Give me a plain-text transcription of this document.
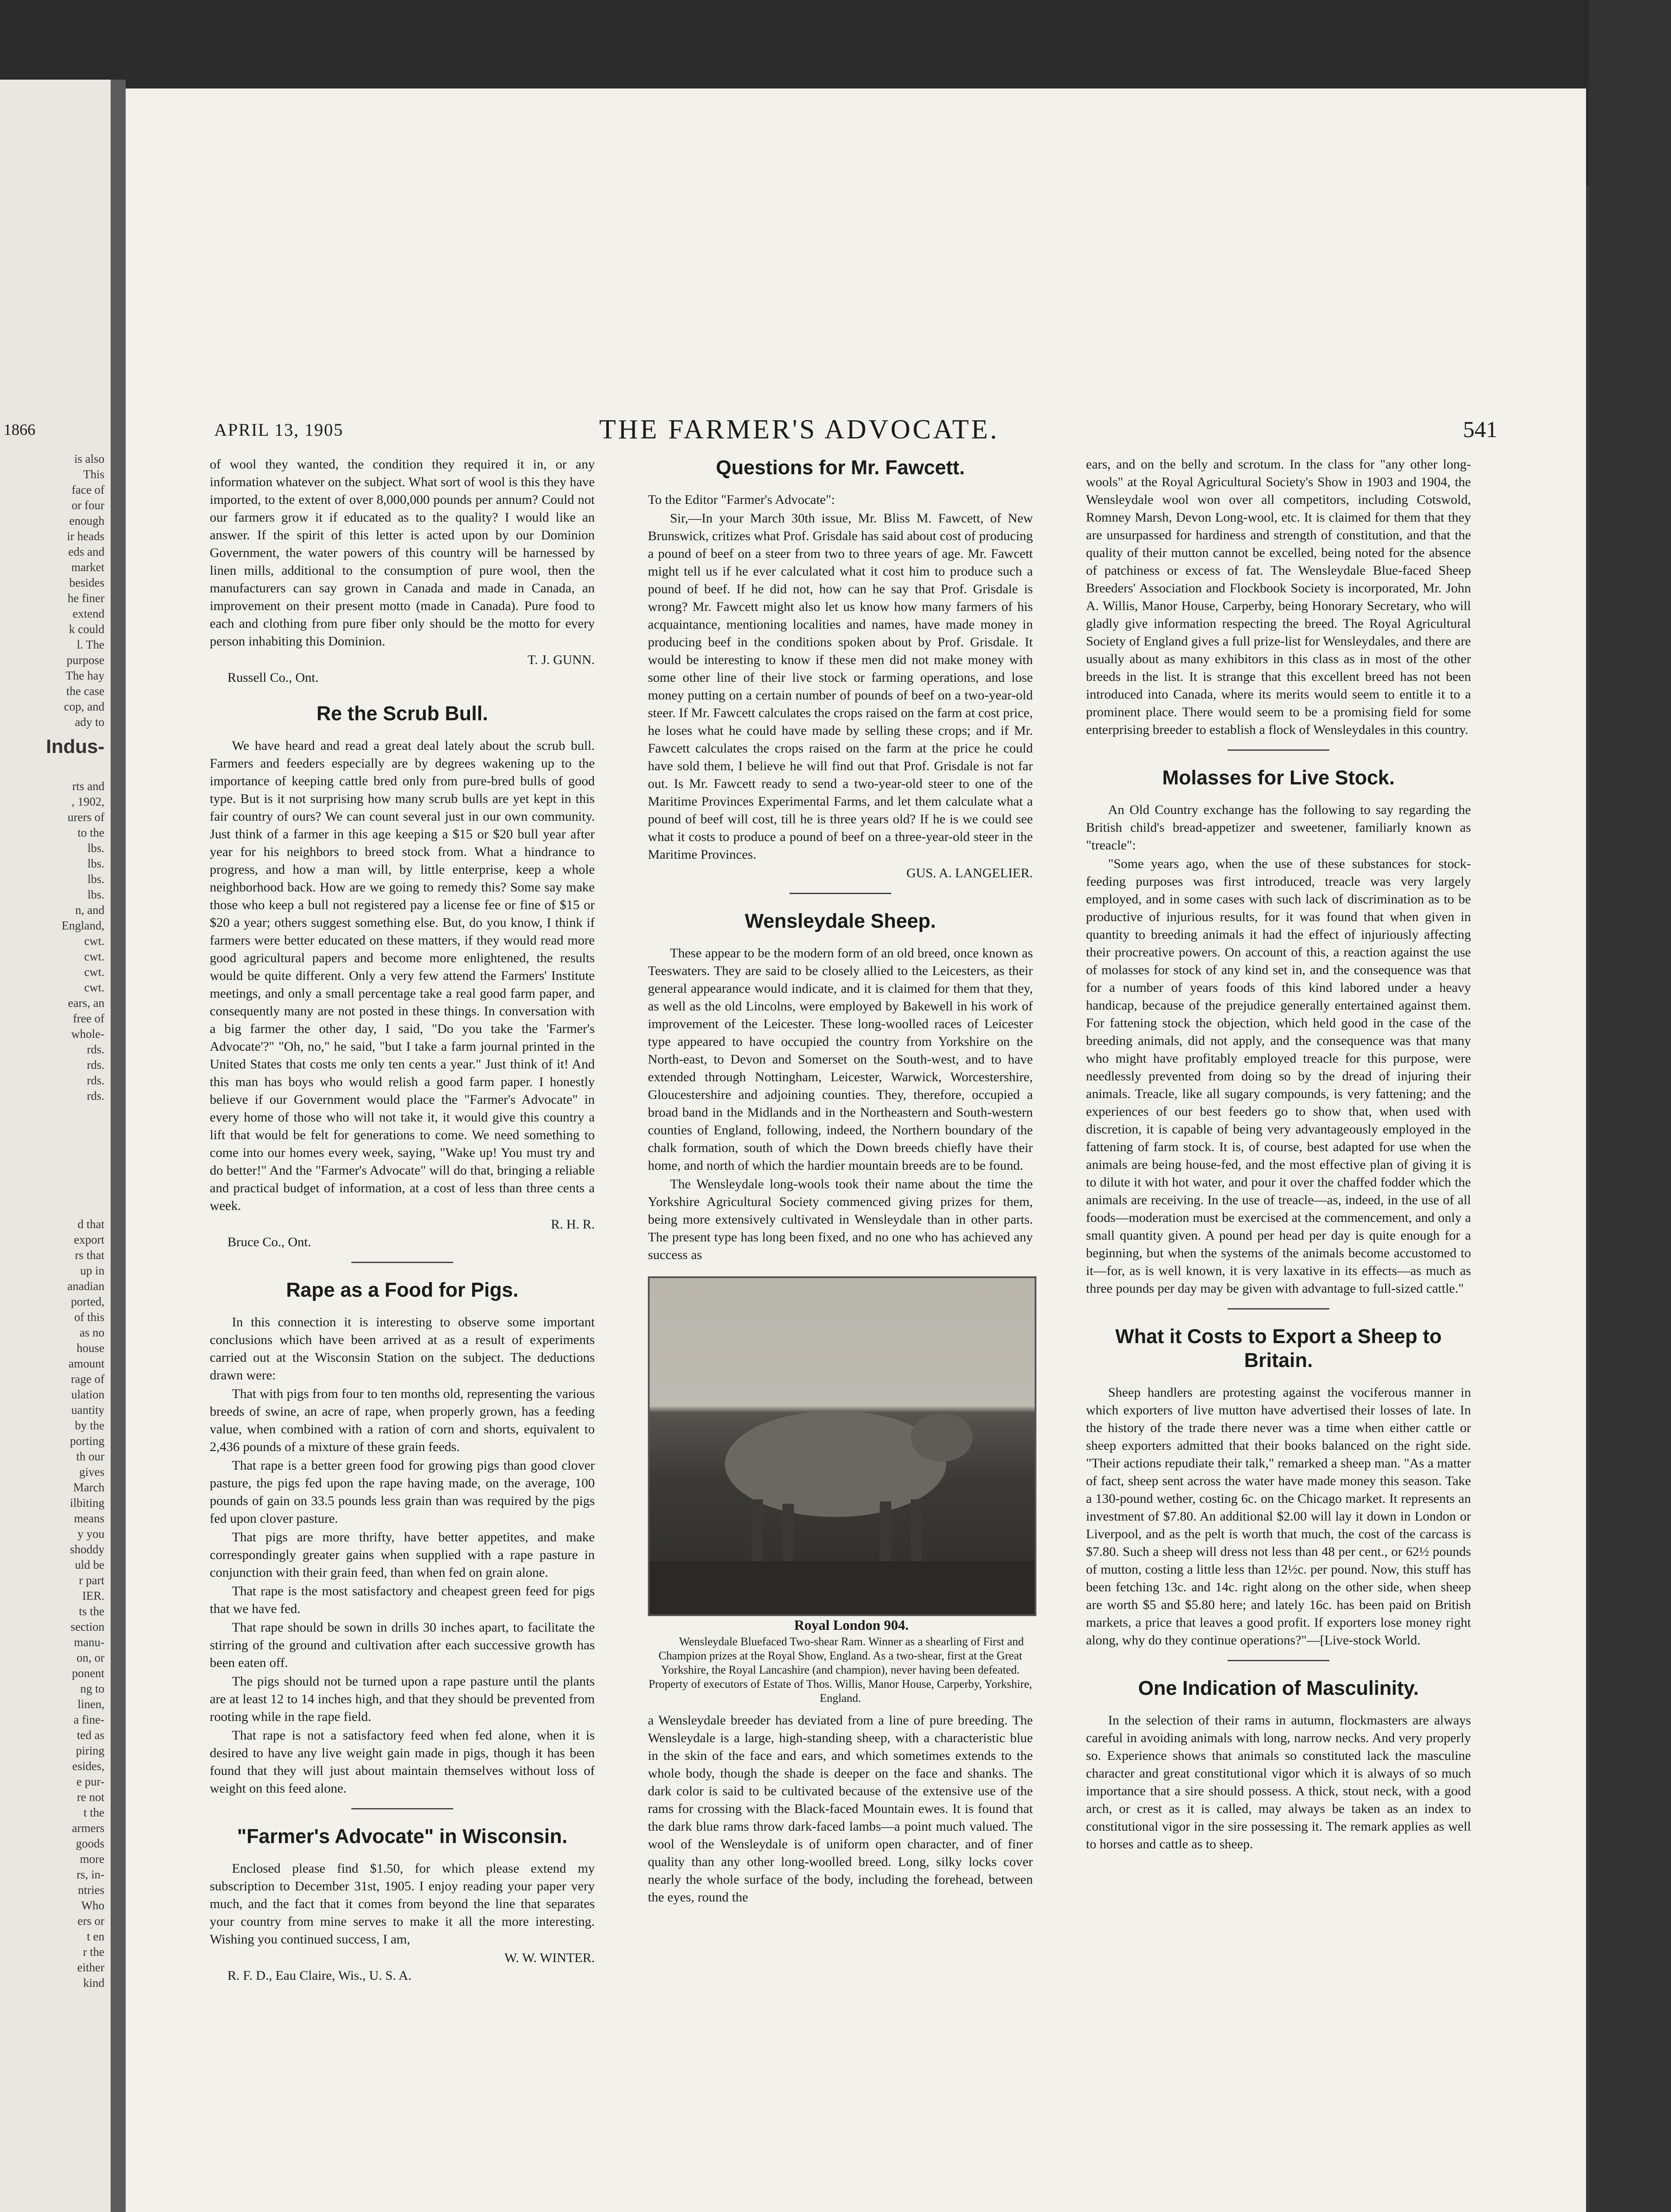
1866
is also
This
face of
or four
enough
ir heads
eds and
market
besides
he finer
extend
k could
l. The
purpose
The hay
the case
cop, and
ady to
Indus-
rts and
, 1902,
urers of
to the
lbs.
lbs.
lbs.
lbs.
n, and
England,
cwt.
cwt.
cwt.
cwt.
ears, an
free of
whole-
rds.
rds.
rds.
rds.
d that
export
rs that
up in
anadian
ported,
of this
as no
house
amount
rage of
ulation
uantity
by the
porting
th our
gives
March
ilbiting
means
y you
shoddy
uld be
r part
IER.
ts the
section
manu-
on, or
ponent
ng to
linen,
a fine-
ted as
piring
esides,
e pur-
re not
t the
armers
goods
more
rs, in-
ntries
Who
ers or
t en
r the
either
kind
APRIL 13, 1905	THE FARMER'S ADVOCATE.	541

of wool they wanted, the condition they required it in, or any information whatever on the subject. What sort of wool is this they have imported, to the extent of over 8,000,000 pounds per annum? Could not our farmers grow it if educated as to the quality? I would like an answer. If the spirit of this letter is acted upon by our Dominion Government, the water powers of this country will be harnessed by linen mills, additional to the consumption of pure wool, then the manufacturers can say grown in Canada and made in Canada, an improvement on their present motto (made in Canada). Pure food to each and clothing from pure fiber only should be the motto for every person inhabiting this Dominion.

T. J. GUNN.

Russell Co., Ont.

Re the Scrub Bull.

We have heard and read a great deal lately about the scrub bull. Farmers and feeders especially are by degrees wakening up to the importance of keeping cattle bred only from pure-bred bulls of good type. But is it not surprising how many scrub bulls are yet kept in this fair country of ours? We can count several just in our own community. Just think of a farmer in this age keeping a $15 or $20 bull year after year for his neighbors to breed stock from. What a hindrance to progress, and how a man will, by little enterprise, keep a whole neighborhood back. How are we going to remedy this? Some say make those who keep a bull not registered pay a license fee or fine of $15 or $20 a year; others suggest something else. But, do you know, I think if farmers were better educated on these matters, if they would read more good agricultural papers and become more enlightened, the results would be quite different. Only a very few attend the Farmers' Institute meetings, and only a small percentage take a real good farm paper, and consequently many are not posted in these things. In conversation with a big farmer the other day, I said, "Do you take the 'Farmer's Advocate'?" "Oh, no," he said, "but I take a farm journal printed in the United States that costs me only ten cents a year." Just think of it! And this man has boys who would relish a good farm paper. I honestly believe if our Government would place the "Farmer's Advocate" in every home of those who will not take it, it would give this country a lift that would be felt for generations to come. We need something to come into our homes every week, saying, "Wake up! You must try and do better!" And the "Farmer's Advocate" will do that, bringing a reliable and practical budget of information, at a cost of less than three cents a week.

R. H. R.

Bruce Co., Ont.

Rape as a Food for Pigs.

In this connection it is interesting to observe some important conclusions which have been arrived at as a result of experiments carried out at the Wisconsin Station on the subject. The deductions drawn were:

That with pigs from four to ten months old, representing the various breeds of swine, an acre of rape, when properly grown, has a feeding value, when combined with a ration of corn and shorts, equivalent to 2,436 pounds of a mixture of these grain feeds.

That rape is a better green food for growing pigs than good clover pasture, the pigs fed upon the rape having made, on the average, 100 pounds of gain on 33.5 pounds less grain than was required by the pigs fed upon clover pasture.

That pigs are more thrifty, have better appetites, and make correspondingly greater gains when supplied with a rape pasture in conjunction with their grain feed, than when fed on grain alone.

That rape is the most satisfactory and cheapest green feed for pigs that we have fed.

That rape should be sown in drills 30 inches apart, to facilitate the stirring of the ground and cultivation after each successive growth has been eaten off.

The pigs should not be turned upon a rape pasture until the plants are at least 12 to 14 inches high, and that they should be prevented from rooting while in the rape field.

That rape is not a satisfactory feed when fed alone, when it is desired to have any live weight gain made in pigs, though it has been found that they will just about maintain themselves without loss of weight on this feed alone.

"Farmer's Advocate" in Wisconsin.

Enclosed please find $1.50, for which please extend my subscription to December 31st, 1905. I enjoy reading your paper very much, and the fact that it comes from beyond the line that separates your country from mine serves to make it all the more interesting. Wishing you continued success, I am,

W. W. WINTER.

R. F. D., Eau Claire, Wis., U. S. A.

Questions for Mr. Fawcett.

To the Editor "Farmer's Advocate":

Sir,—In your March 30th issue, Mr. Bliss M. Fawcett, of New Brunswick, critizes what Prof. Grisdale has said about cost of producing a pound of beef on a steer from two to three years of age. Mr. Fawcett might tell us if he ever calculated what it cost him to produce such a pound of beef. If he did not, how can he say that Prof. Grisdale is wrong? Mr. Fawcett might also let us know how many farmers of his acquaintance, mentioning localities and names, have made money in producing beef in the conditions spoken about by Prof. Grisdale. It would be interesting to know if these men did not make money with some other line of their live stock or farming operations, and lose money putting on a certain number of pounds of beef on a two-year-old steer. If Mr. Fawcett calculates the crops raised on the farm at cost price, he loses what he could have made by selling these crops; and if Mr. Fawcett calculates the crops raised on the farm at the price he could have sold them, I believe he will find out that Prof. Grisdale is not far out. Is Mr. Fawcett ready to send a two-year-old steer to one of the Maritime Provinces Experimental Farms, and let them calculate what a pound of beef will cost, till he is three years old? If he is we could see what it costs to produce a pound of beef on a three-year-old steer in the Maritime Provinces.

GUS. A. LANGELIER.

Wensleydale Sheep.

These appear to be the modern form of an old breed, once known as Teeswaters. They are said to be closely allied to the Leicesters, as their general appearance would indicate, and it is claimed for them that they, as well as the old Lincolns, were employed by Bakewell in his work of improvement of the Leicester. These long-woolled races of Leicester type appeared to have occupied the country from Yorkshire on the North-east, to Devon and Somerset on the South-west, and to have extended through Nottingham, Leicester, Warwick, Worcestershire, Gloucestershire and adjoining counties. They, therefore, occupied a broad band in the Midlands and in the Northeastern and South-western counties of England, following, indeed, the Northern boundary of the chalk formation, south of which the Down breeds chiefly have their home, and north of which the hardier mountain breeds are to be found.

The Wensleydale long-wools took their name about the time the Yorkshire Agricultural Society commenced giving prizes for them, being more extensively cultivated in Wensleydale than in other parts. The present type has long been fixed, and no one who has achieved any success as

Royal London 904.

Wensleydale Bluefaced Two-shear Ram. Winner as a shearling of First and Champion prizes at the Royal Show, England. As a two-shear, first at the Great Yorkshire, the Royal Lancashire (and champion), never having been defeated. Property of executors of Estate of Thos. Willis, Manor House, Carperby, Yorkshire, England.

a Wensleydale breeder has deviated from a line of pure breeding. The Wensleydale is a large, high-standing sheep, with a characteristic blue in the skin of the face and ears, and which sometimes extends to the whole body, though the shade is deeper on the face and shanks. The dark color is said to be cultivated because of the extensive use of the rams for crossing with the Black-faced Mountain ewes. It is found that the dark blue rams throw dark-faced lambs—a point much valued. The wool of the Wensleydale is of uniform open character, and of finer quality than any other long-woolled breed. Long, silky locks cover nearly the whole surface of the body, including the forehead, between the eyes, round the

ears, and on the belly and scrotum. In the class for "any other long-wools" at the Royal Agricultural Society's Show in 1903 and 1904, the Wensleydale wool won over all competitors, including Cotswold, Romney Marsh, Devon Long-wool, etc. It is claimed for them that they are unsurpassed for hardiness and strength of constitution, and that the quality of their mutton cannot be excelled, being noted for the absence of patchiness or excess of fat. The Wensleydale Blue-faced Sheep Breeders' Association and Flockbook Society is incorporated, Mr. John A. Willis, Manor House, Carperby, being Honorary Secretary, who will gladly give information respecting the breed. The Royal Agricultural Society of England gives a full prize-list for Wensleydales, and there are usually about as many exhibitors in this class as in most of the other breeds in the list. It is strange that this excellent breed has not been introduced into Canada, where its merits would seem to entitle it to a prominent place. There would seem to be a promising field for some enterprising breeder to establish a flock of Wensleydales in this country.

Molasses for Live Stock.

An Old Country exchange has the following to say regarding the British child's bread-appetizer and sweetener, familiarly known as "treacle":

"Some years ago, when the use of these substances for stock-feeding purposes was first introduced, treacle was very largely employed, and in some cases with such lack of discrimination as to be productive of injurious results, for it was found that when given in quantity to breeding animals it had the effect of injuriously affecting their procreative powers. On account of this, a reaction against the use of molasses for stock of any kind set in, and the consequence was that for a number of years foods of this kind labored under a heavy handicap, because of the prejudice generally entertained against them. For fattening stock the objection, which held good in the case of the breeding animals, did not apply, and the consequence was that many who might have profitably employed treacle for this purpose, were needlessly prevented from doing so by the dread of injuring their animals. Treacle, like all sugary compounds, is very fattening; and the experiences of our best feeders go to show that, when used with discretion, it is capable of being very advantageously employed in the fattening of farm stock. It is, of course, best adapted for use when the animals are being house-fed, and the most effective plan of giving it is to dilute it with hot water, and pour it over the chaffed fodder which the animals are receiving. In the use of treacle—as, indeed, in the use of all foods—moderation must be exercised at the commencement, and only a small quantity given. A pound per head per day is quite enough for a beginning, but when the systems of the animals become accustomed to it—for, as is well known, it is very laxative in its effects—as much as three pounds per day may be given with advantage to full-sized cattle."

What it Costs to Export a Sheep to Britain.

Sheep handlers are protesting against the vociferous manner in which exporters of live mutton have advertised their losses of late. In the history of the trade there never was a time when either cattle or sheep exporters admitted that their books balanced on the right side. "Their actions repudiate their talk," remarked a sheep man. "As a matter of fact, sheep sent across the water have made money this season. Take a 130-pound wether, costing 6c. on the Chicago market. It represents an investment of $7.80. An additional $2.00 will lay it down in London or Liverpool, and as the pelt is worth that much, the cost of the carcass is $7.80. Such a sheep will dress not less than 48 per cent., or 62½ pounds of mutton, costing a little less than 12½c. per pound. Now, this stuff has been fetching 13c. and 14c. right along on the other side, when sheep are worth $5 and $5.80 here; and lately 16c. has been paid on British markets, a price that leaves a good profit. If exporters lose money right along, why do they continue operations?"—[Live-stock World.

One Indication of Masculinity.

In the selection of their rams in autumn, flockmasters are always careful in avoiding animals with long, narrow necks. And very properly so. Experience shows that animals so constituted lack the masculine character and great constitutional vigor which it is always of so much importance that a sire should possess. A thick, stout neck, with a good arch, or crest as it is called, may always be taken as an index to constitutional vigor in the sire possessing it. The remark applies as well to horses and cattle as to sheep.
